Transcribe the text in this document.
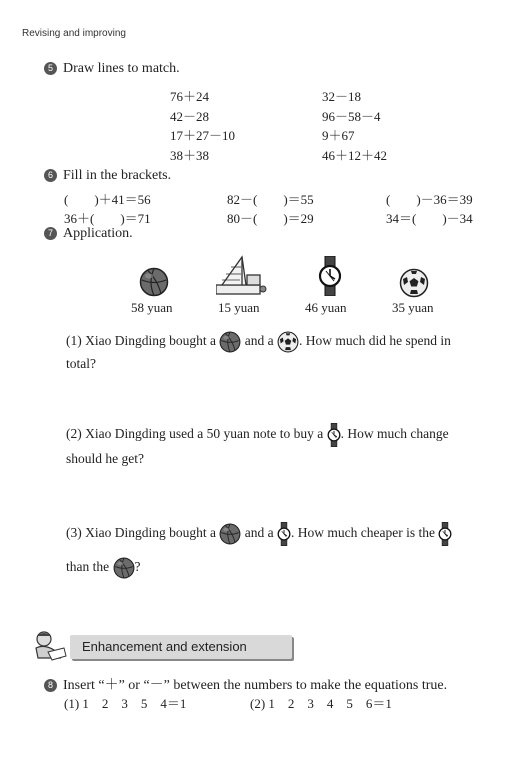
Revising and improving
5 Draw lines to match.
76＋24
42－28
17＋27－10
38＋38
32－18
96－58－4
9＋67
46＋12＋42
6 Fill in the brackets.
(　　)＋41＝56	82－(　　)＝55	(　　)－36＝39
36＋(　　)＝71	80－(　　)＝29	34＝(　　)－34
7 Application.
58 yuan	15 yuan	46 yuan	35 yuan
(1) Xiao Dingding bought a and a . How much did he spend in
total?
(2) Xiao Dingding used a 50 yuan note to buy a . How much change
should he get?
(3) Xiao Dingding bought a and a . How much cheaper is the
than the ?
Enhancement and extension
8 Insert “＋” or “－” between the numbers to make the equations true.
(1) 1　2　3　5　4＝1	(2) 1　2　3　4　5　6＝1
